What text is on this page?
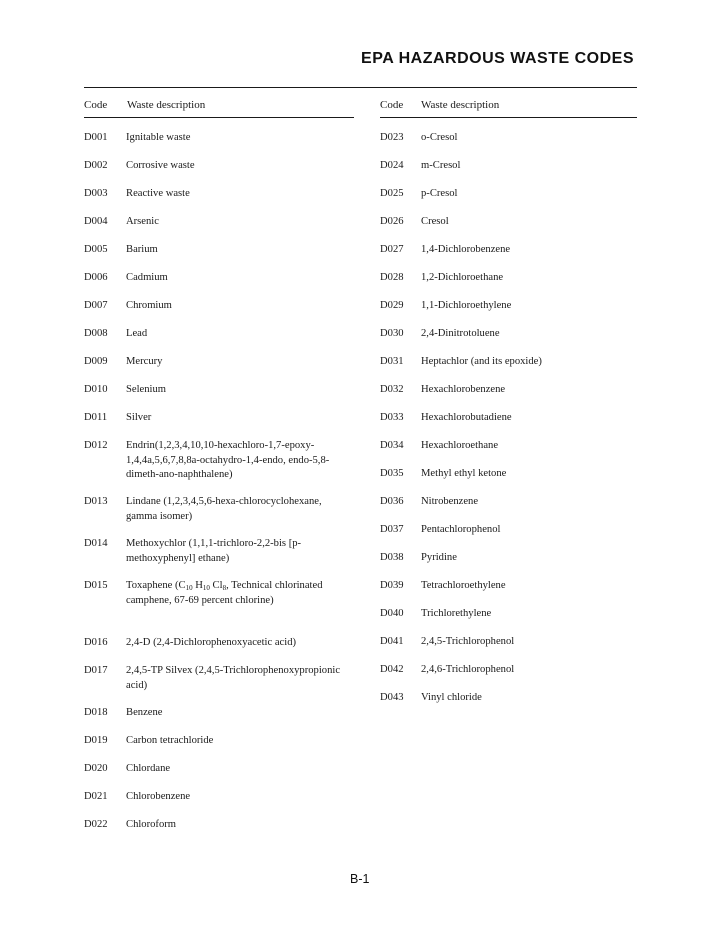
EPA HAZARDOUS WASTE CODES
Code Waste description
D001 Ignitable waste
D002 Corrosive waste
D003 Reactive waste
D004 Arsenic
D005 Barium
D006 Cadmium
D007 Chromium
D008 Lead
D009 Mercury
D010 Selenium
D011 Silver
D012 Endrin(1,2,3,4,10,10-hexachloro-1,7-epoxy-1,4,4a,5,6,7,8,8a-octahydro-1,4-endo, endo-5,8-dimeth-ano-naphthalene)
D013 Lindane (1,2,3,4,5,6-hexa-chlorocyclohexane, gamma isomer)
D014 Methoxychlor (1,1,1-trichloro-2,2-bis [p-methoxyphenyl] ethane)
D015 Toxaphene ($C_{10}$ $H_{10}$ $Cl_8$, Technical chlorinated camphene, 67-69 percent chlorine)
D016 2,4-D (2,4-Dichlorophenoxyacetic acid)
D017 2,4,5-TP Silvex (2,4,5-Trichlorophenoxypropionic acid)
D018 Benzene
D019 Carbon tetrachloride
D020 Chlordane
D021 Chlorobenzene
D022 Chloroform
Code Waste description
D023 o-Cresol
D024 m-Cresol
D025 p-Cresol
D026 Cresol
D027 1,4-Dichlorobenzene
D028 1,2-Dichloroethane
D029 1,1-Dichloroethylene
D030 2,4-Dinitrotoluene
D031 Heptachlor (and its epoxide)
D032 Hexachlorobenzene
D033 Hexachlorobutadiene
D034 Hexachloroethane
D035 Methyl ethyl ketone
D036 Nitrobenzene
D037 Pentachlorophenol
D038 Pyridine
D039 Tetrachloroethylene
D040 Trichlorethylene
D041 2,4,5-Trichlorophenol
D042 2,4,6-Trichlorophenol
D043 Vinyl chloride
B-1
